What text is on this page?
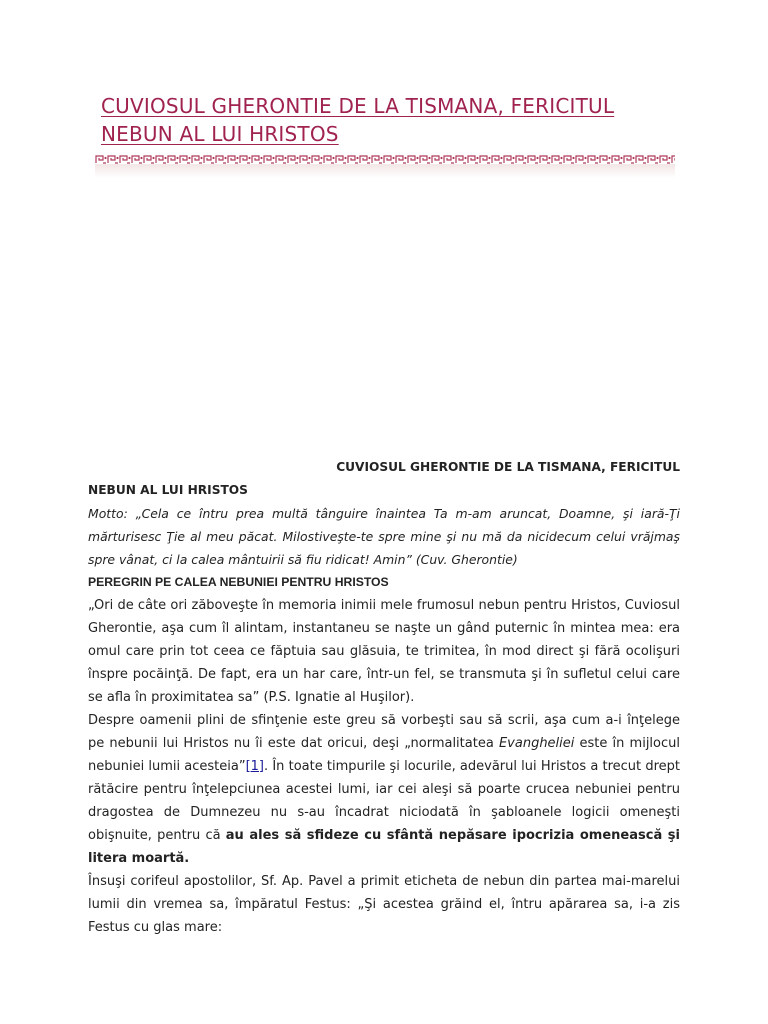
CUVIOSUL GHERONTIE DE LA TISMANA, FERICITUL NEBUN AL LUI HRISTOS

CUVIOSUL GHERONTIE DE LA TISMANA, FERICITUL

NEBUN AL LUI HRISTOS

Motto: „Cela ce întru prea multă tânguire înaintea Ta m-am aruncat, Doamne, şi iară-Ţi mărturisesc Ţie al meu păcat. Milostiveşte-te spre mine şi nu mă da nicidecum celui vrăjmaş spre vânat, ci la calea mântuirii să fiu ridicat! Amin” (Cuv. Gherontie)

PEREGRIN PE CALEA NEBUNIEI PENTRU HRISTOS

„Ori de câte ori zăboveşte în memoria inimii mele frumosul nebun pentru Hristos, Cuviosul Gherontie, aşa cum îl alintam, instantaneu se naşte un gând puternic în mintea mea: era omul care prin tot ceea ce făptuia sau glăsuia, te trimitea, în mod direct şi fără ocolişuri înspre pocăinţă. De fapt, era un har care, într-un fel, se transmuta şi în sufletul celui care se afla în proximitatea sa” (P.S. Ignatie al Huşilor).

Despre oamenii plini de sfinţenie este greu să vorbeşti sau să scrii, aşa cum a-i înţelege pe nebunii lui Hristos nu îi este dat oricui, deşi „normalitatea Evangheliei este în mijlocul nebuniei lumii acesteia”[1]. În toate timpurile şi locurile, adevărul lui Hristos a trecut drept rătăcire pentru înţelepciunea acestei lumi, iar cei aleşi să poarte crucea nebuniei pentru dragostea de Dumnezeu nu s-au încadrat niciodată în şabloanele logicii omeneşti obişnuite, pentru că au ales să sfideze cu sfântă nepăsare ipocrizia omenească şi litera moartă.

Însuşi corifeul apostolilor, Sf. Ap. Pavel a primit eticheta de nebun din partea mai-marelui lumii din vremea sa, împăratul Festus: „Şi acestea grăind el, întru apărarea sa, i-a zis Festus cu glas mare:
